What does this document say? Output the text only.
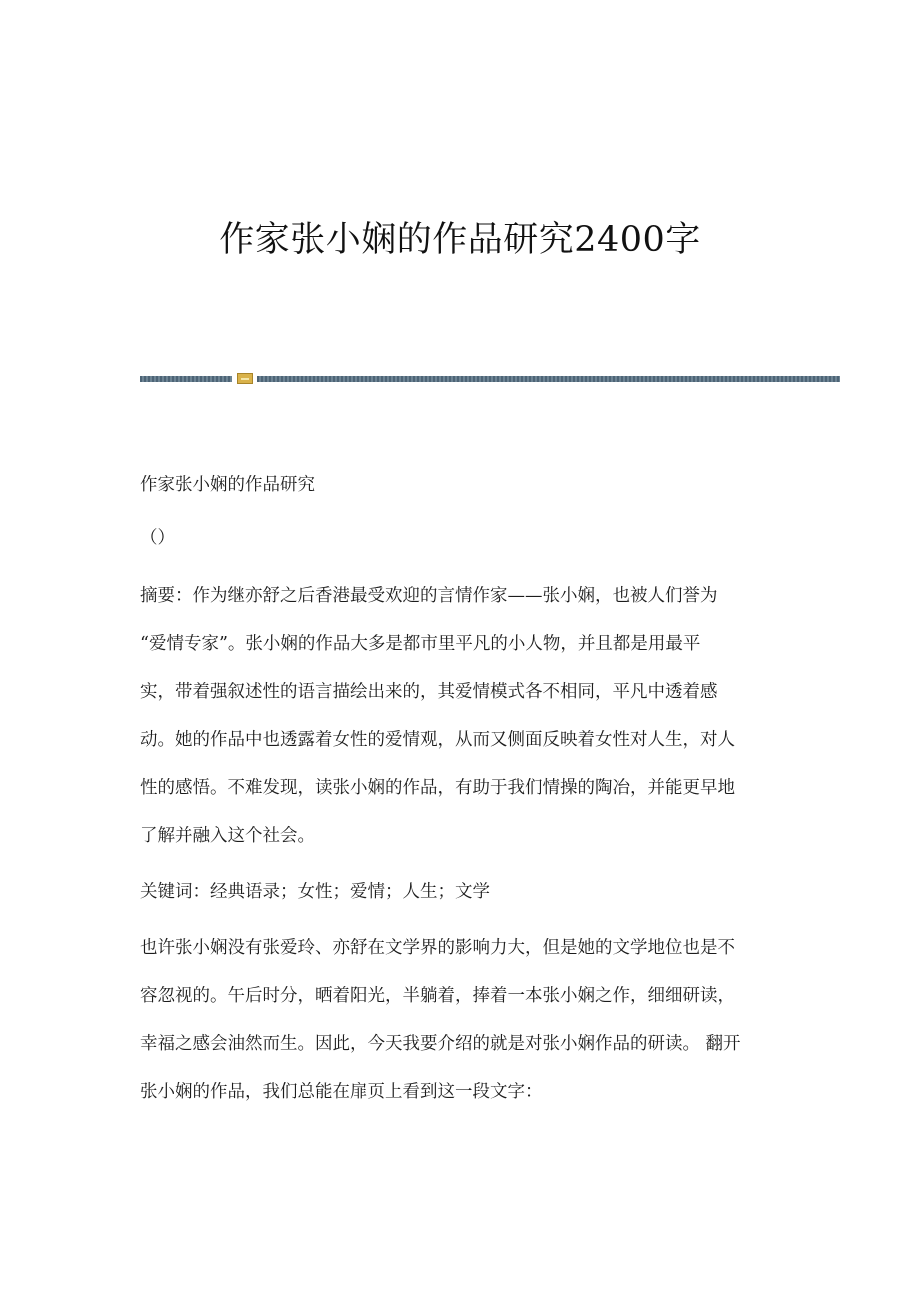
作家张小娴的作品研究2400字
作家张小娴的作品研究
（）
摘要：作为继亦舒之后香港最受欢迎的言情作家——张小娴，也被人们誉为
“爱情专家”。张小娴的作品大多是都市里平凡的小人物，并且都是用最平
实，带着强叙述性的语言描绘出来的，其爱情模式各不相同，平凡中透着感
动。她的作品中也透露着女性的爱情观，从而又侧面反映着女性对人生，对人
性的感悟。不难发现，读张小娴的作品，有助于我们情操的陶冶，并能更早地
了解并融入这个社会。
关键词：经典语录；女性；爱情；人生；文学
也许张小娴没有张爱玲、亦舒在文学界的影响力大，但是她的文学地位也是不
容忽视的。午后时分，晒着阳光，半躺着，捧着一本张小娴之作，细细研读，
幸福之感会油然而生。因此，今天我要介绍的就是对张小娴作品的研读。 翻开
张小娴的作品，我们总能在扉页上看到这一段文字：
